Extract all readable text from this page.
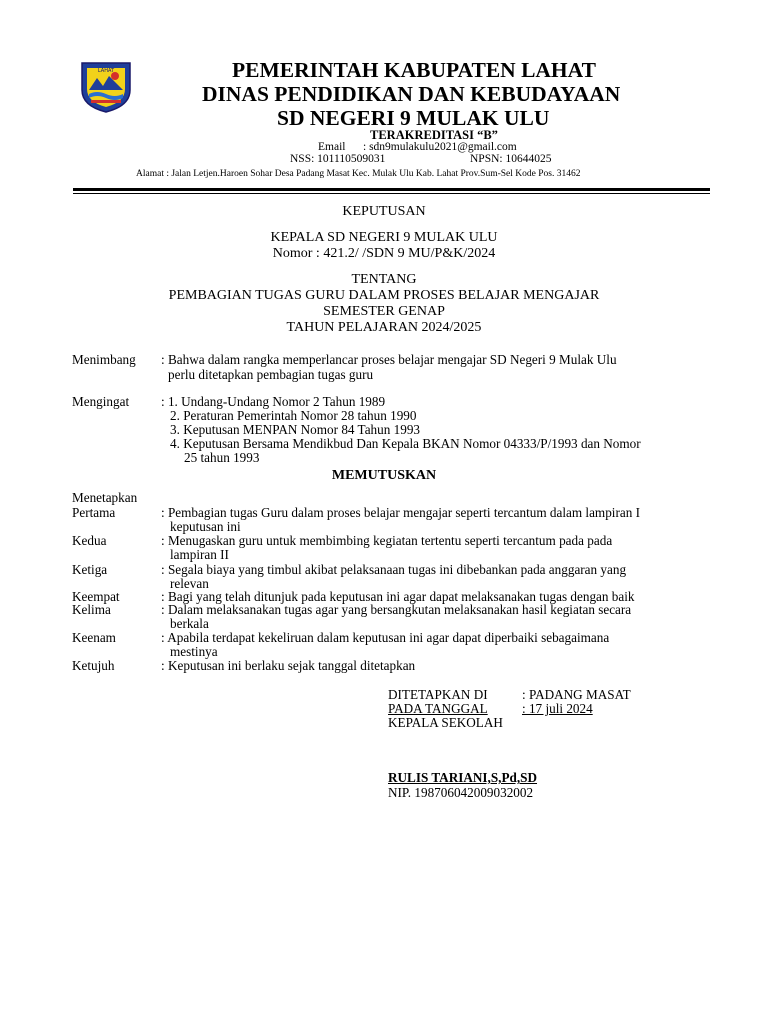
LAHAT	PEMERINTAH KABUPATEN LAHAT
DINAS PENDIDIKAN DAN KEBUDAYAAN
SD NEGERI 9 MULAK ULU
TERAKREDITASI “B”
Email : sdn9mulakulu2021@gmail.com
NSS: 101110509031	NPSN: 10644025
Alamat : Jalan Letjen.Haroen Sohar Desa Padang Masat Kec. Mulak Ulu Kab. Lahat Prov.Sum-Sel Kode Pos. 31462
KEPUTUSAN
KEPALA SD NEGERI 9 MULAK ULU
Nomor : 421.2/ /SDN 9 MU/P&K/2024
TENTANG
PEMBAGIAN TUGAS GURU DALAM PROSES BELAJAR MENGAJAR
SEMESTER GENAP
TAHUN PELAJARAN 2024/2025
Menimbang : Bahwa dalam rangka memperlancar proses belajar mengajar SD Negeri 9 Mulak Ulu
perlu ditetapkan pembagian tugas guru
Mengingat : 1. Undang-Undang Nomor 2 Tahun 1989
2. Peraturan Pemerintah Nomor 28 tahun 1990
3. Keputusan MENPAN Nomor 84 Tahun 1993
4. Keputusan Bersama Mendikbud Dan Kepala BKAN Nomor 04333/P/1993 dan Nomor
25 tahun 1993
MEMUTUSKAN
Menetapkan
Pertama	: Pembagian tugas Guru dalam proses belajar mengajar seperti tercantum dalam lampiran I
keputusan ini
Kedua	: Menugaskan guru untuk membimbing kegiatan tertentu seperti tercantum pada pada
lampiran II
Ketiga	: Segala biaya yang timbul akibat pelaksanaan tugas ini dibebankan pada anggaran yang
relevan
Keempat	: Bagi yang telah ditunjuk pada keputusan ini agar dapat melaksanakan tugas dengan baik
Kelima	: Dalam melaksanakan tugas agar yang bersangkutan melaksanakan hasil kegiatan secara
berkala
Keenam	: Apabila terdapat kekeliruan dalam keputusan ini agar dapat diperbaiki sebagaimana
mestinya
Ketujuh	: Keputusan ini berlaku sejak tanggal ditetapkan
DITETAPKAN DI	: PADANG MASAT
PADA TANGGAL	: 17 juli 2024
KEPALA SEKOLAH
RULIS TARIANI,S,Pd,SD
NIP. 198706042009032002
